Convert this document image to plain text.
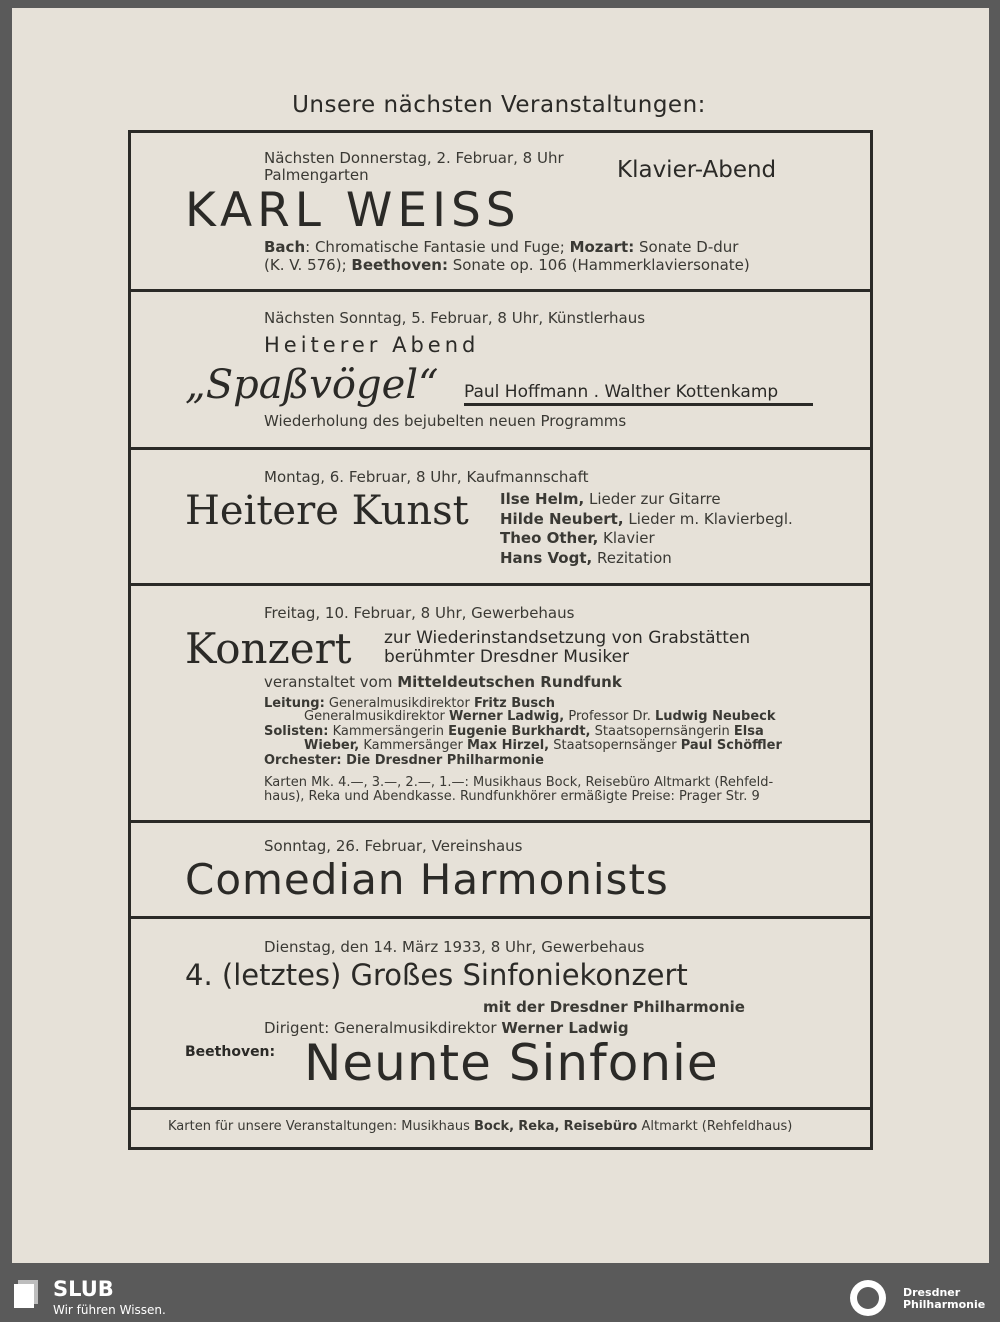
Unsere nächsten Veranstaltungen:
Nächsten Donnerstag, 2. Februar, 8 Uhr
Palmengarten	Klavier-Abend
KARL WEISS
Bach: Chromatische Fantasie und Fuge; Mozart: Sonate D-dur
(K. V. 576); Beethoven: Sonate op. 106 (Hammerklaviersonate)
Nächsten Sonntag, 5. Februar, 8 Uhr, Künstlerhaus
Heiterer Abend
„Spaßvögel“ Paul Hoffmann . Walther Kottenkamp
Wiederholung des bejubelten neuen Programms
Montag, 6. Februar, 8 Uhr, Kaufmannschaft
Heitere Kunst Ilse Helm, Lieder zur Gitarre
Hilde Neubert, Lieder m. Klavierbegl.
Theo Other, Klavier
Hans Vogt, Rezitation
Freitag, 10. Februar, 8 Uhr, Gewerbehaus
Konzert zur Wiederinstandsetzung von Grabstätten
berühmter Dresdner Musiker
veranstaltet vom Mitteldeutschen Rundfunk
Leitung: Generalmusikdirektor Fritz Busch
Generalmusikdirektor Werner Ladwig, Professor Dr. Ludwig Neubeck
Solisten: Kammersängerin Eugenie Burkhardt, Staatsopernsängerin Elsa
Wieber, Kammersänger Max Hirzel, Staatsopernsänger Paul Schöffler
Orchester: Die Dresdner Philharmonie
Karten Mk. 4.—, 3.—, 2.—, 1.—: Musikhaus Bock, Reisebüro Altmarkt (Rehfeld-
haus), Reka und Abendkasse. Rundfunkhörer ermäßigte Preise: Prager Str. 9
Sonntag, 26. Februar, Vereinshaus
Comedian Harmonists
Dienstag, den 14. März 1933, 8 Uhr, Gewerbehaus
4. (letztes) Großes Sinfoniekonzert
mit der Dresdner Philharmonie
Dirigent: Generalmusikdirektor Werner Ladwig
Beethoven: Neunte Sinfonie
Karten für unsere Veranstaltungen: Musikhaus Bock, Reka, Reisebüro Altmarkt (Rehfeldhaus)
SLUB
Wir führen Wissen.
Dresdner Philharmonie
